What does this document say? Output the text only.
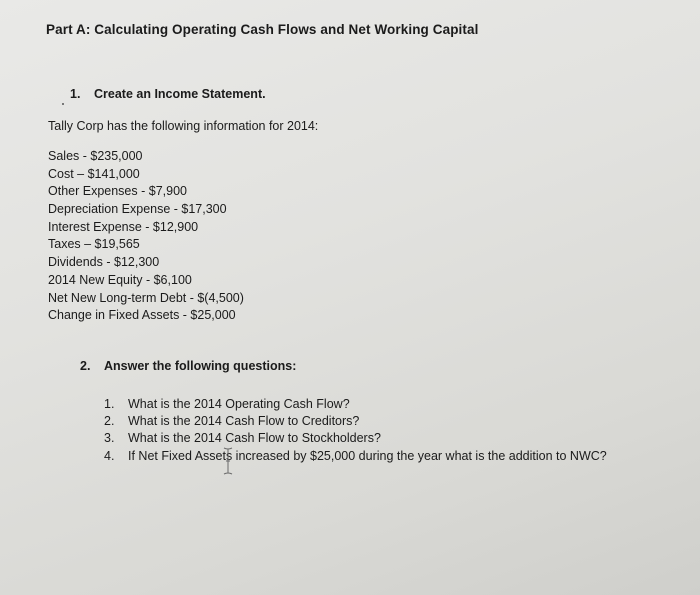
Part A: Calculating Operating Cash Flows and Net Working Capital
1. Create an Income Statement.
Tally Corp has the following information for 2014:
Sales - $235,000
Cost – $141,000
Other Expenses - $7,900
Depreciation Expense - $17,300
Interest Expense - $12,900
Taxes – $19,565
Dividends - $12,300
2014 New Equity - $6,100
Net New Long-term Debt - $(4,500)
Change in Fixed Assets - $25,000
2. Answer the following questions:
1. What is the 2014 Operating Cash Flow?
2. What is the 2014 Cash Flow to Creditors?
3. What is the 2014 Cash Flow to Stockholders?
4. If Net Fixed Assets increased by $25,000 during the year what is the addition to NWC?
